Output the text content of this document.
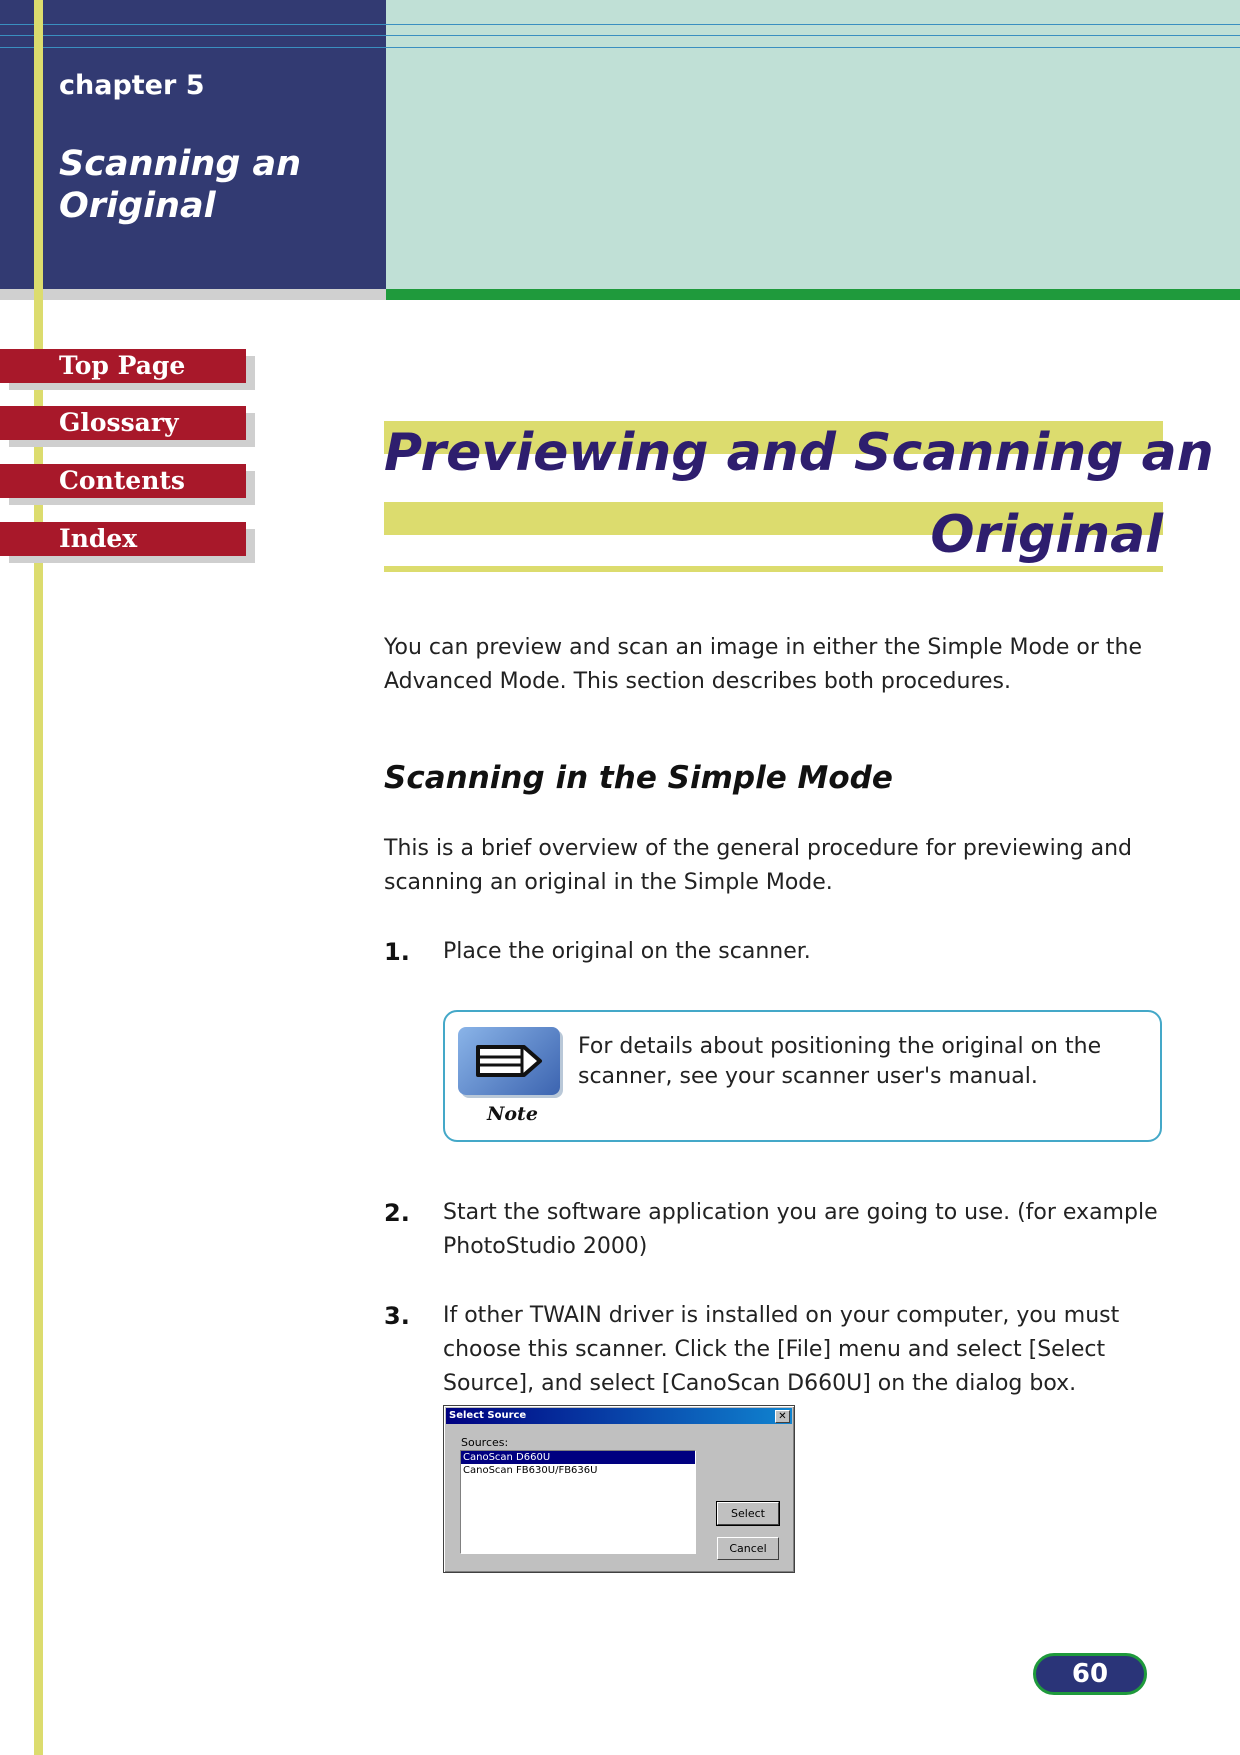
chapter 5
Scanning an Original
Top Page
Glossary
Contents
Index
Previewing and Scanning an
Original
You can preview and scan an image in either the Simple Mode or the Advanced Mode. This section describes both procedures.
Scanning in the Simple Mode
This is a brief overview of the general procedure for previewing and scanning an original in the Simple Mode.
1. Place the original on the scanner.
Note
For details about positioning the original on the scanner, see your scanner user's manual.
2. Start the software application you are going to use. (for example PhotoStudio 2000)
3. If other TWAIN driver is installed on your computer, you must choose this scanner. Click the [File] menu and select [Select Source], and select [CanoScan D660U] on the dialog box.
Select Source	✕
Sources:
CanoScan D660U
CanoScan FB630U/FB636U
Select
Cancel
60
